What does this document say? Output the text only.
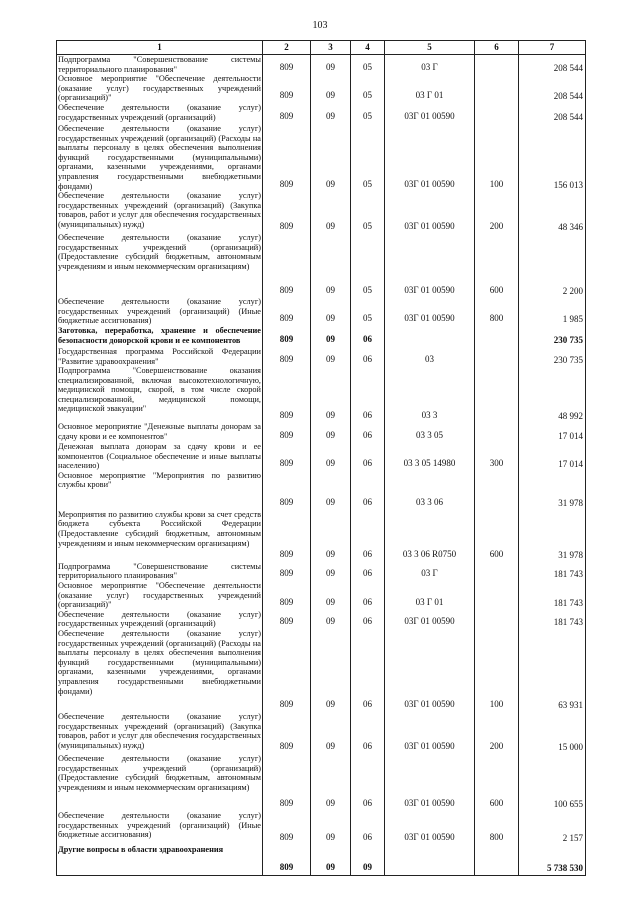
103
1	2	3	4	5	6	7
Подпрограмма "Совершенствование системы территориального планирования"	809	09	05	03 Г		208 544
Основное мероприятие "Обеспечение деятельности (оказание услуг) государственных учреждений (организаций)"	809	09	05	03 Г 01		208 544
Обеспечение деятельности (оказание услуг) государственных учреждений (организаций)	809	09	05	03Г 01 00590		208 544
Обеспечение деятельности (оказание услуг) государственных учреждений (организаций) (Расходы на выплаты персоналу в целях обеспечения выполнения функций государственными (муниципальными) органами, казенными учреждениями, органами управления государственными внебюджетными фондами)	809	09	05	03Г 01 00590	100	156 013
Обеспечение деятельности (оказание услуг) государственных учреждений (организаций) (Закупка товаров, работ и услуг для обеспечения государственных (муниципальных) нужд)	809	09	05	03Г 01 00590	200	48 346
Обеспечение деятельности (оказание услуг) государственных учреждений (организаций) (Предоставление субсидий бюджетным, автономным учреждениям и иным некоммерческим организациям)	809	09	05	03Г 01 00590	600	2 200
Обеспечение деятельности (оказание услуг) государственных учреждений (организаций) (Иные бюджетные ассигнования)	809	09	05	03Г 01 00590	800	1 985
Заготовка, переработка, хранение и обеспечение безопасности донорской крови и ее компонентов	809	09	06			230 735
Государственная программа Российской Федерации "Развитие здравоохранения"	809	09	06	03		230 735
Подпрограмма "Совершенствование оказания специализированной, включая высокотехнологичную, медицинской помощи, скорой, в том числе скорой специализированной, медицинской помощи, медицинской эвакуации"	809	09	06	03 3		48 992
Основное мероприятие "Денежные выплаты донорам за сдачу крови и ее компонентов"	809	09	06	03 3 05		17 014
Денежная выплата донорам за сдачу крови и ее компонентов (Социальное обеспечение и иные выплаты населению)	809	09	06	03 3 05 14980	300	17 014
Основное мероприятие "Мероприятия по развитию службы крови"	809	09	06	03 3 06		31 978
Мероприятия по развитию службы крови за счет средств бюджета субъекта Российской Федерации (Предоставление субсидий бюджетным, автономным учреждениям и иным некоммерческим организациям)	809	09	06	03 3 06 R0750	600	31 978
Подпрограмма "Совершенствование системы территориального планирования"	809	09	06	03 Г		181 743
Основное мероприятие "Обеспечение деятельности (оказание услуг) государственных учреждений (организаций)"	809	09	06	03 Г 01		181 743
Обеспечение деятельности (оказание услуг) государственных учреждений (организаций)	809	09	06	03Г 01 00590		181 743
Обеспечение деятельности (оказание услуг) государственных учреждений (организаций) (Расходы на выплаты персоналу в целях обеспечения выполнения функций государственными (муниципальными) органами, казенными учреждениями, органами управления государственными внебюджетными фондами)	809	09	06	03Г 01 00590	100	63 931
Обеспечение деятельности (оказание услуг) государственных учреждений (организаций) (Закупка товаров, работ и услуг для обеспечения государственных (муниципальных) нужд)	809	09	06	03Г 01 00590	200	15 000
Обеспечение деятельности (оказание услуг) государственных учреждений (организаций) (Предоставление субсидий бюджетным, автономным учреждениям и иным некоммерческим организациям)	809	09	06	03Г 01 00590	600	100 655
Обеспечение деятельности (оказание услуг) государственных учреждений (организаций) (Иные бюджетные ассигнования)	809	09	06	03Г 01 00590	800	2 157
Другие вопросы в области здравоохранения	809	09	09			5 738 530
